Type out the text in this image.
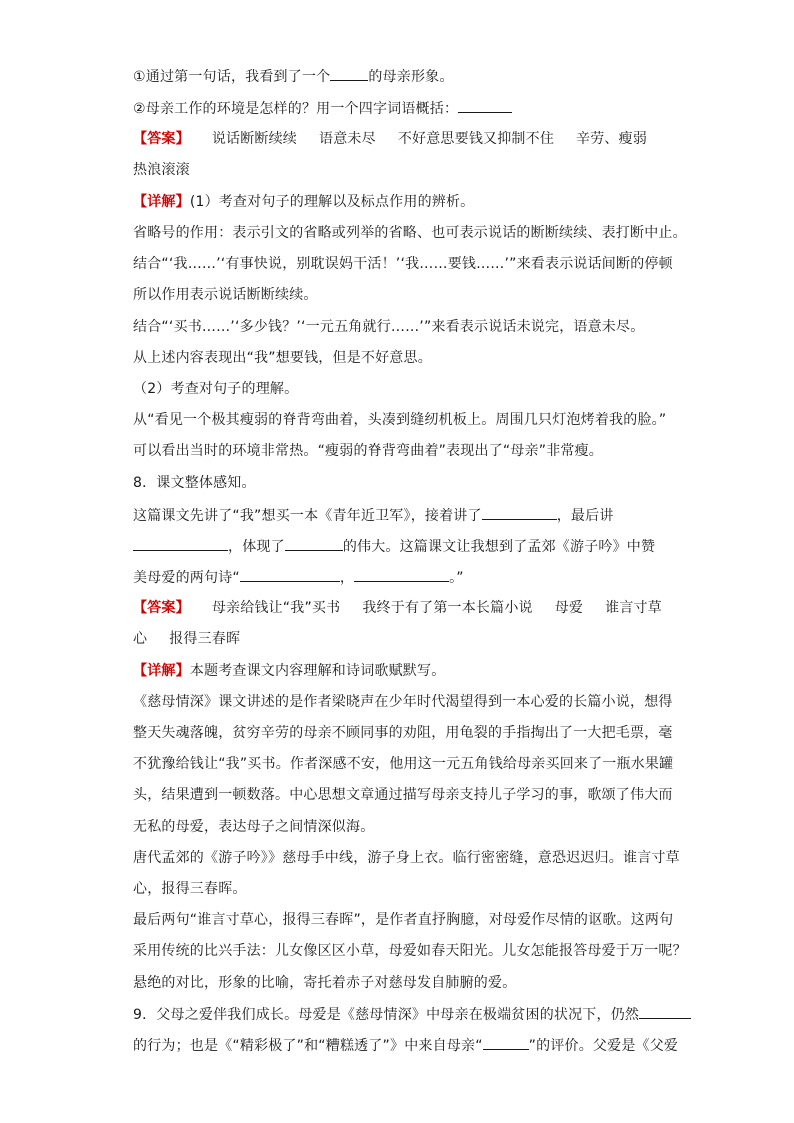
①通过第一句话，我看到了一个	的母亲形象。
②母亲工作的环境是怎样的？用一个四字词语概括：
【答案】 说话断断续续 语意未尽 不好意思要钱又抑制不住 辛劳、瘦弱
热浪滚滚
【详解】(1）考查对句子的理解以及标点作用的辨析。
省略号的作用：表示引文的省略或列举的省略、也可表示说话的断断续续、表打断中止。
结合“‘我……’‘有事快说，别耽误妈干活！’‘我……要钱……’”来看表示说话间断的停顿
所以作用表示说话断断续续。
结合“‘买书……’‘多少钱？’‘一元五角就行……’”来看表示说话未说完，语意未尽。
从上述内容表现出“我”想要钱，但是不好意思。
（2）考查对句子的理解。
从“看见一个极其瘦弱的脊背弯曲着，头凑到缝纫机板上。周围几只灯泡烤着我的脸。”
可以看出当时的环境非常热。“瘦弱的脊背弯曲着”表现出了“母亲”非常瘦。
8．课文整体感知。
这篇课文先讲了“我”想买一本《青年近卫军》，接着讲了	，最后讲
，体现了	的伟大。这篇课文让我想到了孟郊《游子吟》中赞
美母爱的两句诗“	，	。”
【答案】 母亲给钱让“我”买书 我终于有了第一本长篇小说 母爱 谁言寸草
心 报得三春晖
【详解】本题考查课文内容理解和诗词歌赋默写。
《慈母情深》课文讲述的是作者梁晓声在少年时代渴望得到一本心爱的长篇小说，想得
整天失魂落魄，贫穷辛劳的母亲不顾同事的劝阻，用龟裂的手指掏出了一大把毛票，毫
不犹豫给钱让“我”买书。作者深感不安，他用这一元五角钱给母亲买回来了一瓶水果罐
头，结果遭到一顿数落。中心思想文章通过描写母亲支持儿子学习的事，歌颂了伟大而
无私的母爱，表达母子之间情深似海。
唐代孟郊的《游子吟》》慈母手中线，游子身上衣。临行密密缝，意恐迟迟归。谁言寸草
心，报得三春晖。
最后两句“谁言寸草心，报得三春晖”，是作者直抒胸臆，对母爱作尽情的讴歌。这两句
采用传统的比兴手法：儿女像区区小草，母爱如春天阳光。儿女怎能报答母爱于万一呢？
悬绝的对比，形象的比喻，寄托着赤子对慈母发自肺腑的爱。
9．父母之爱伴我们成长。母爱是《慈母情深》中母亲在极端贫困的状况下，仍然
的行为；也是《“精彩极了”和“糟糕透了”》中来自母亲“	”的评价。父爱是《父爱
